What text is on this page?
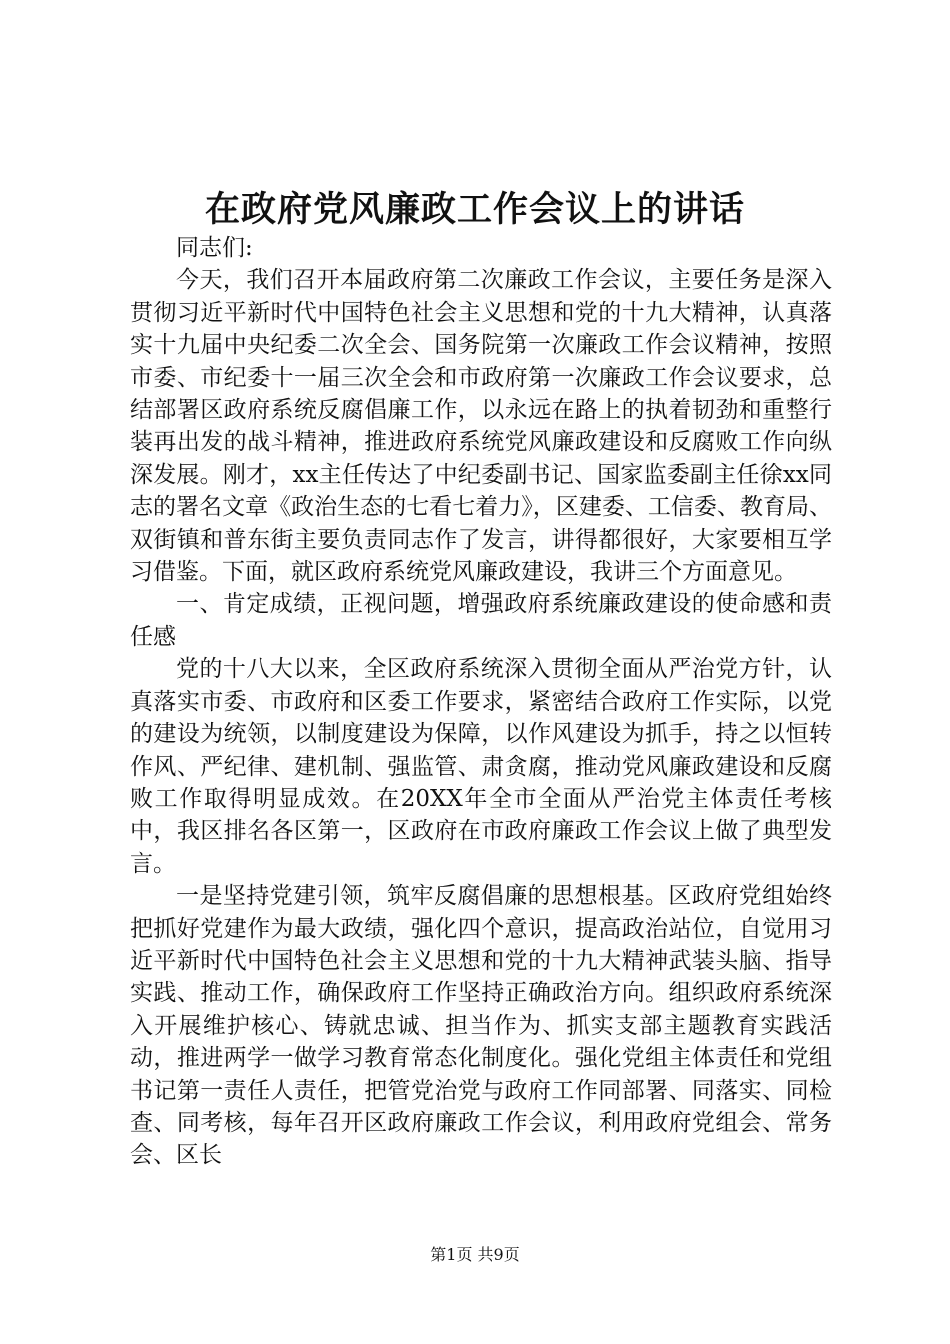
在政府党风廉政工作会议上的讲话

同志们:

今天，我们召开本届政府第二次廉政工作会议，主要任务是深入贯彻习近平新时代中国特色社会主义思想和党的十九大精神，认真落实十九届中央纪委二次全会、国务院第一次廉政工作会议精神，按照市委、市纪委十一届三次全会和市政府第一次廉政工作会议要求，总结部署区政府系统反腐倡廉工作，以永远在路上的执着韧劲和重整行装再出发的战斗精神，推进政府系统党风廉政建设和反腐败工作向纵深发展。刚才，xx主任传达了中纪委副书记、国家监委副主任徐xx同志的署名文章《政治生态的七看七着力》，区建委、工信委、教育局、双街镇和普东街主要负责同志作了发言，讲得都很好，大家要相互学习借鉴。下面，就区政府系统党风廉政建设，我讲三个方面意见。

一、肯定成绩，正视问题，增强政府系统廉政建设的使命感和责任感

党的十八大以来，全区政府系统深入贯彻全面从严治党方针，认真落实市委、市政府和区委工作要求，紧密结合政府工作实际，以党的建设为统领，以制度建设为保障，以作风建设为抓手，持之以恒转作风、严纪律、建机制、强监管、肃贪腐，推动党风廉政建设和反腐败工作取得明显成效。在20XX年全市全面从严治党主体责任考核中，我区排名各区第一，区政府在市政府廉政工作会议上做了典型发言。

一是坚持党建引领，筑牢反腐倡廉的思想根基。区政府党组始终把抓好党建作为最大政绩，强化四个意识，提高政治站位，自觉用习近平新时代中国特色社会主义思想和党的十九大精神武装头脑、指导实践、推动工作，确保政府工作坚持正确政治方向。组织政府系统深入开展维护核心、铸就忠诚、担当作为、抓实支部主题教育实践活动，推进两学一做学习教育常态化制度化。强化党组主体责任和党组书记第一责任人责任，把管党治党与政府工作同部署、同落实、同检查、同考核，每年召开区政府廉政工作会议，利用政府党组会、常务会、区长

第1页 共9页
